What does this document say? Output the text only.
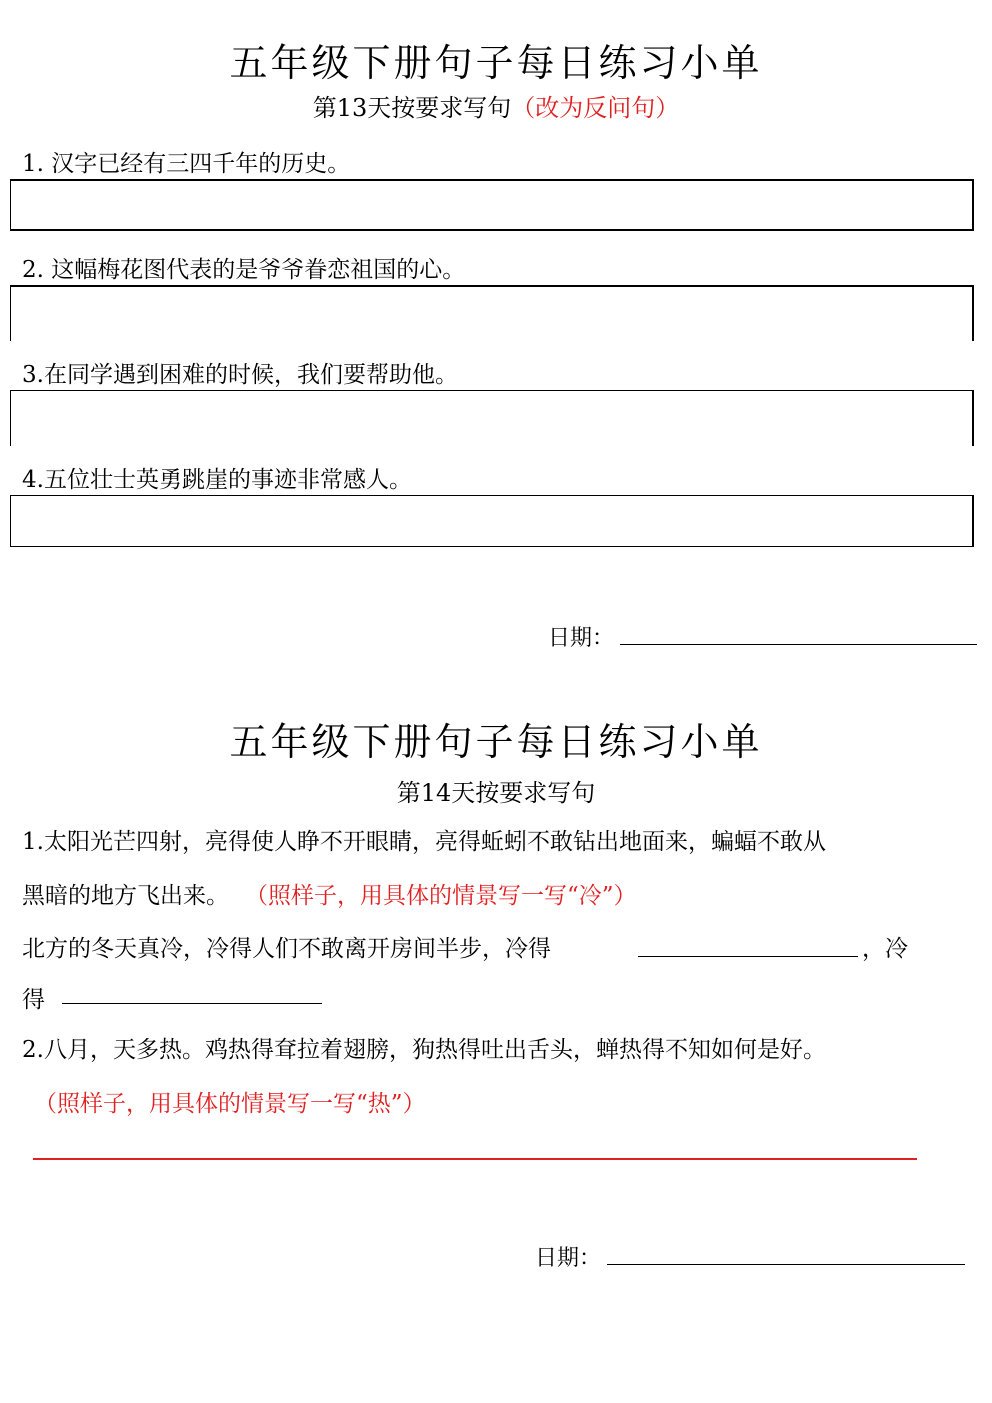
五年级下册句子每日练习小单
第13天按要求写句（改为反问句）
1. 汉字已经有三四千年的历史。
2. 这幅梅花图代表的是爷爷眷恋祖国的心。
3.在同学遇到困难的时候，我们要帮助他。
4.五位壮士英勇跳崖的事迹非常感人。
日期：
五年级下册句子每日练习小单
第14天按要求写句
1.太阳光芒四射，亮得使人睁不开眼睛，亮得蚯蚓不敢钻出地面来，蝙蝠不敢从
黑暗的地方飞出来。 （照样子，用具体的情景写一写“冷”）
北方的冬天真冷，冷得人们不敢离开房间半步，冷得	，冷
得
2.八月，天多热。鸡热得耷拉着翅膀，狗热得吐出舌头，蝉热得不知如何是好。
（照样子，用具体的情景写一写“热”）
日期：
